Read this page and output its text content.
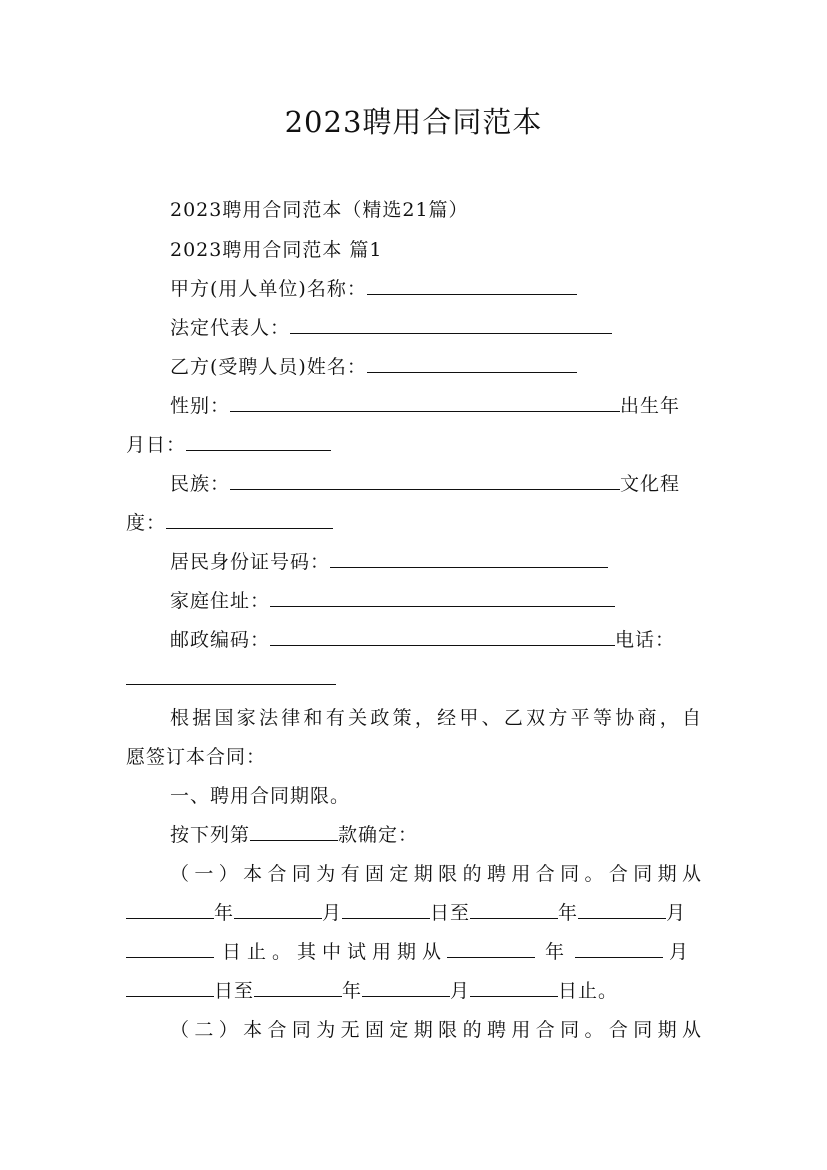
2023聘用合同范本
2023聘用合同范本（精选21篇）
2023聘用合同范本 篇1
甲方(用人单位)名称：
法定代表人：
乙方(受聘人员)姓名：
性别：	出生年
月日：
民族：	文化程
度：
居民身份证号码：
家庭住址：
邮政编码：	电话：
根据国家法律和有关政策，经甲、乙双方平等协商，自
愿签订本合同：
一、聘用合同期限。
按下列第	款确定：
（一）本合同为有固定期限的聘用合同。合同期从
年	月	日至	年	月
日止。其中试用期从	年	月
日至	年	月	日止。
（二）本合同为无固定期限的聘用合同。合同期从
